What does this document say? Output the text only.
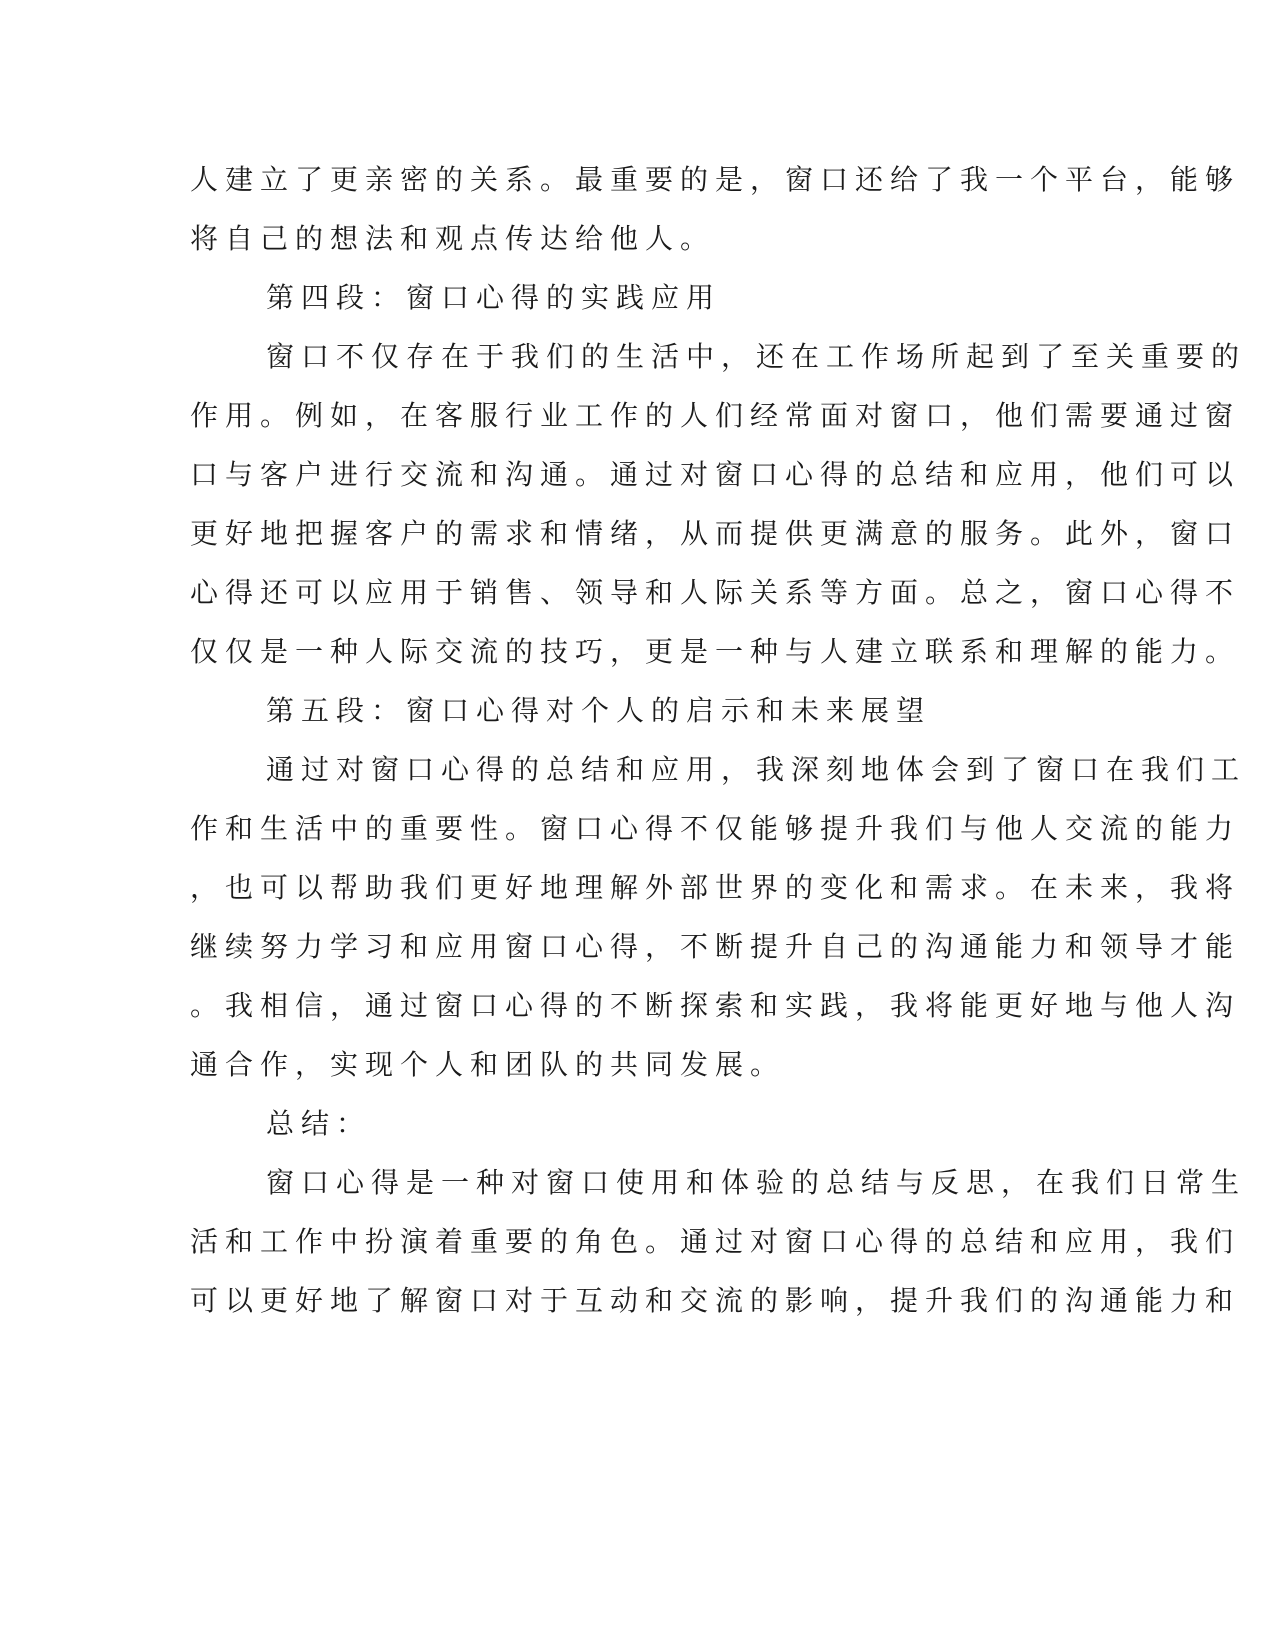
人建立了更亲密的关系。最重要的是，窗口还给了我一个平台，能够
将自己的想法和观点传达给他人。
第四段：窗口心得的实践应用
窗口不仅存在于我们的生活中，还在工作场所起到了至关重要的
作用。例如，在客服行业工作的人们经常面对窗口，他们需要通过窗
口与客户进行交流和沟通。通过对窗口心得的总结和应用，他们可以
更好地把握客户的需求和情绪，从而提供更满意的服务。此外，窗口
心得还可以应用于销售、领导和人际关系等方面。总之，窗口心得不
仅仅是一种人际交流的技巧，更是一种与人建立联系和理解的能力。
第五段：窗口心得对个人的启示和未来展望
通过对窗口心得的总结和应用，我深刻地体会到了窗口在我们工
作和生活中的重要性。窗口心得不仅能够提升我们与他人交流的能力
，也可以帮助我们更好地理解外部世界的变化和需求。在未来，我将
继续努力学习和应用窗口心得，不断提升自己的沟通能力和领导才能
。我相信，通过窗口心得的不断探索和实践，我将能更好地与他人沟
通合作，实现个人和团队的共同发展。
总结：
窗口心得是一种对窗口使用和体验的总结与反思，在我们日常生
活和工作中扮演着重要的角色。通过对窗口心得的总结和应用，我们
可以更好地了解窗口对于互动和交流的影响，提升我们的沟通能力和
